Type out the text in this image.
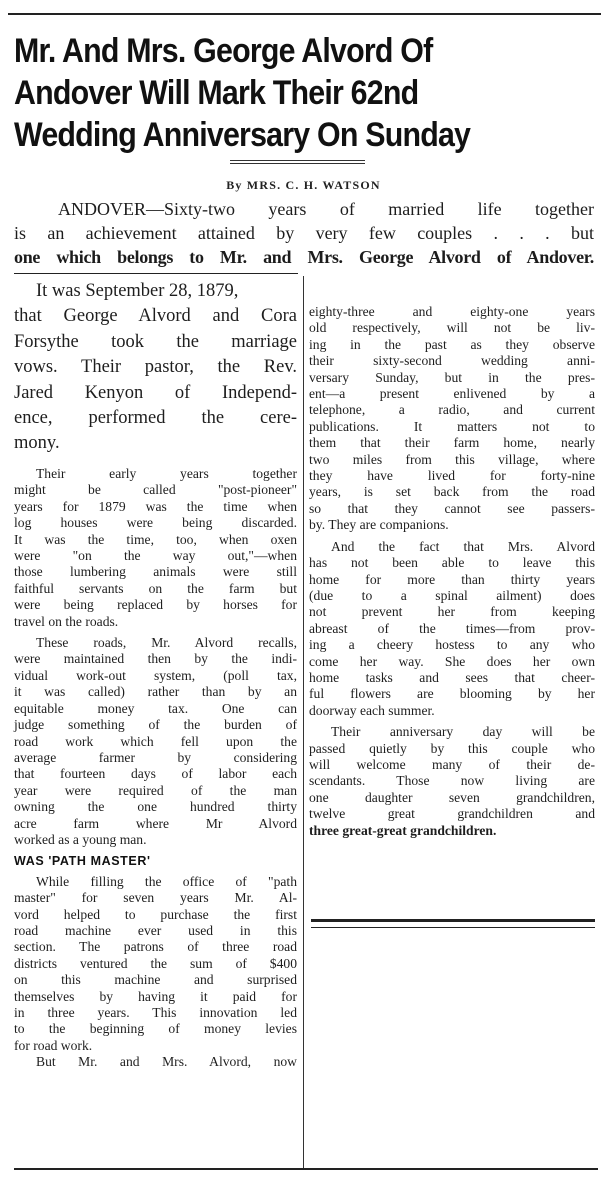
Mr. And Mrs. George Alvord Of
Andover Will Mark Their 62nd
Wedding Anniversary On Sunday
By MRS. C. H. WATSON
ANDOVER—Sixty-two years of married life together
is an achievement attained by very few couples . . . but
one which belongs to Mr. and Mrs. George Alvord of Andover.
It was September 28, 1879,
that George Alvord and Cora
Forsythe took the marriage
vows. Their pastor, the Rev.
Jared Kenyon of Independ-
ence, performed the cere-
mony.
Their early years together
might be called "post-pioneer"
years for 1879 was the time when
log houses were being discarded.
It was the time, too, when oxen
were "on the way out,"—when
those lumbering animals were still
faithful servants on the farm but
were being replaced by horses for
travel on the roads.
These roads, Mr. Alvord recalls,
were maintained then by the indi-
vidual work-out system, (poll tax,
it was called) rather than by an
equitable money tax. One can
judge something of the burden of
road work which fell upon the
average farmer by considering
that fourteen days of labor each
year were required of the man
owning the one hundred thirty
acre farm where Mr Alvord
worked as a young man.
WAS 'PATH MASTER'
While filling the office of "path
master" for seven years Mr. Al-
vord helped to purchase the first
road machine ever used in this
section. The patrons of three road
districts ventured the sum of $400
on this machine and surprised
themselves by having it paid for
in three years. This innovation led
to the beginning of money levies
for road work.
But Mr. and Mrs. Alvord, now
eighty-three and eighty-one years
old respectively, will not be liv-
ing in the past as they observe
their sixty-second wedding anni-
versary Sunday, but in the pres-
ent—a present enlivened by a
telephone, a radio, and current
publications. It matters not to
them that their farm home, nearly
two miles from this village, where
they have lived for forty-nine
years, is set back from the road
so that they cannot see passers-
by. They are companions.
And the fact that Mrs. Alvord
has not been able to leave this
home for more than thirty years
(due to a spinal ailment) does
not prevent her from keeping
abreast of the times—from prov-
ing a cheery hostess to any who
come her way. She does her own
home tasks and sees that cheer-
ful flowers are blooming by her
doorway each summer.
Their anniversary day will be
passed quietly by this couple who
will welcome many of their de-
scendants. Those now living are
one daughter seven grandchildren,
twelve great grandchildren and
three great-great grandchildren.
